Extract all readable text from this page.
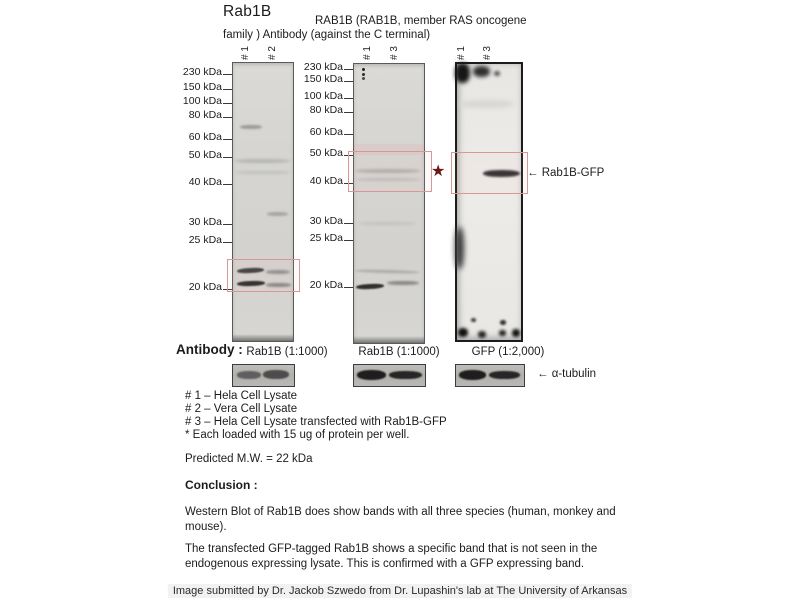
Rab1B
RAB1B (RAB1B, member RAS oncogene
family ) Antibody (against the C terminal)
230 kDa
150 kDa
100 kDa
80 kDa
60 kDa
50 kDa
40 kDa
30 kDa
25 kDa
20 kDa
230 kDa
150 kDa
100 kDa
80 kDa
60 kDa
50 kDa
40 kDa
30 kDa
25 kDa
20 kDa
# 1 # 2	# 1 # 3	# 1 # 3
★	← Rab1B-GFP
Antibody : Rab1B (1:1000)	Rab1B (1:1000)	GFP (1:2,000)
← α-tubulin
# 1 – Hela Cell Lysate
# 2 – Vera Cell Lysate
# 3 – Hela Cell Lysate transfected with Rab1B-GFP
* Each loaded with 15 ug of protein per well.
Predicted M.W. = 22 kDa
Conclusion :
Western Blot of Rab1B does show bands with all three species (human, monkey and mouse).
The transfected GFP-tagged Rab1B shows a specific band that is not seen in the endogenous expressing lysate. This is confirmed with a GFP expressing band.
Image submitted by Dr. Jackob Szwedo from Dr. Lupashin's lab at The University of Arkansas
